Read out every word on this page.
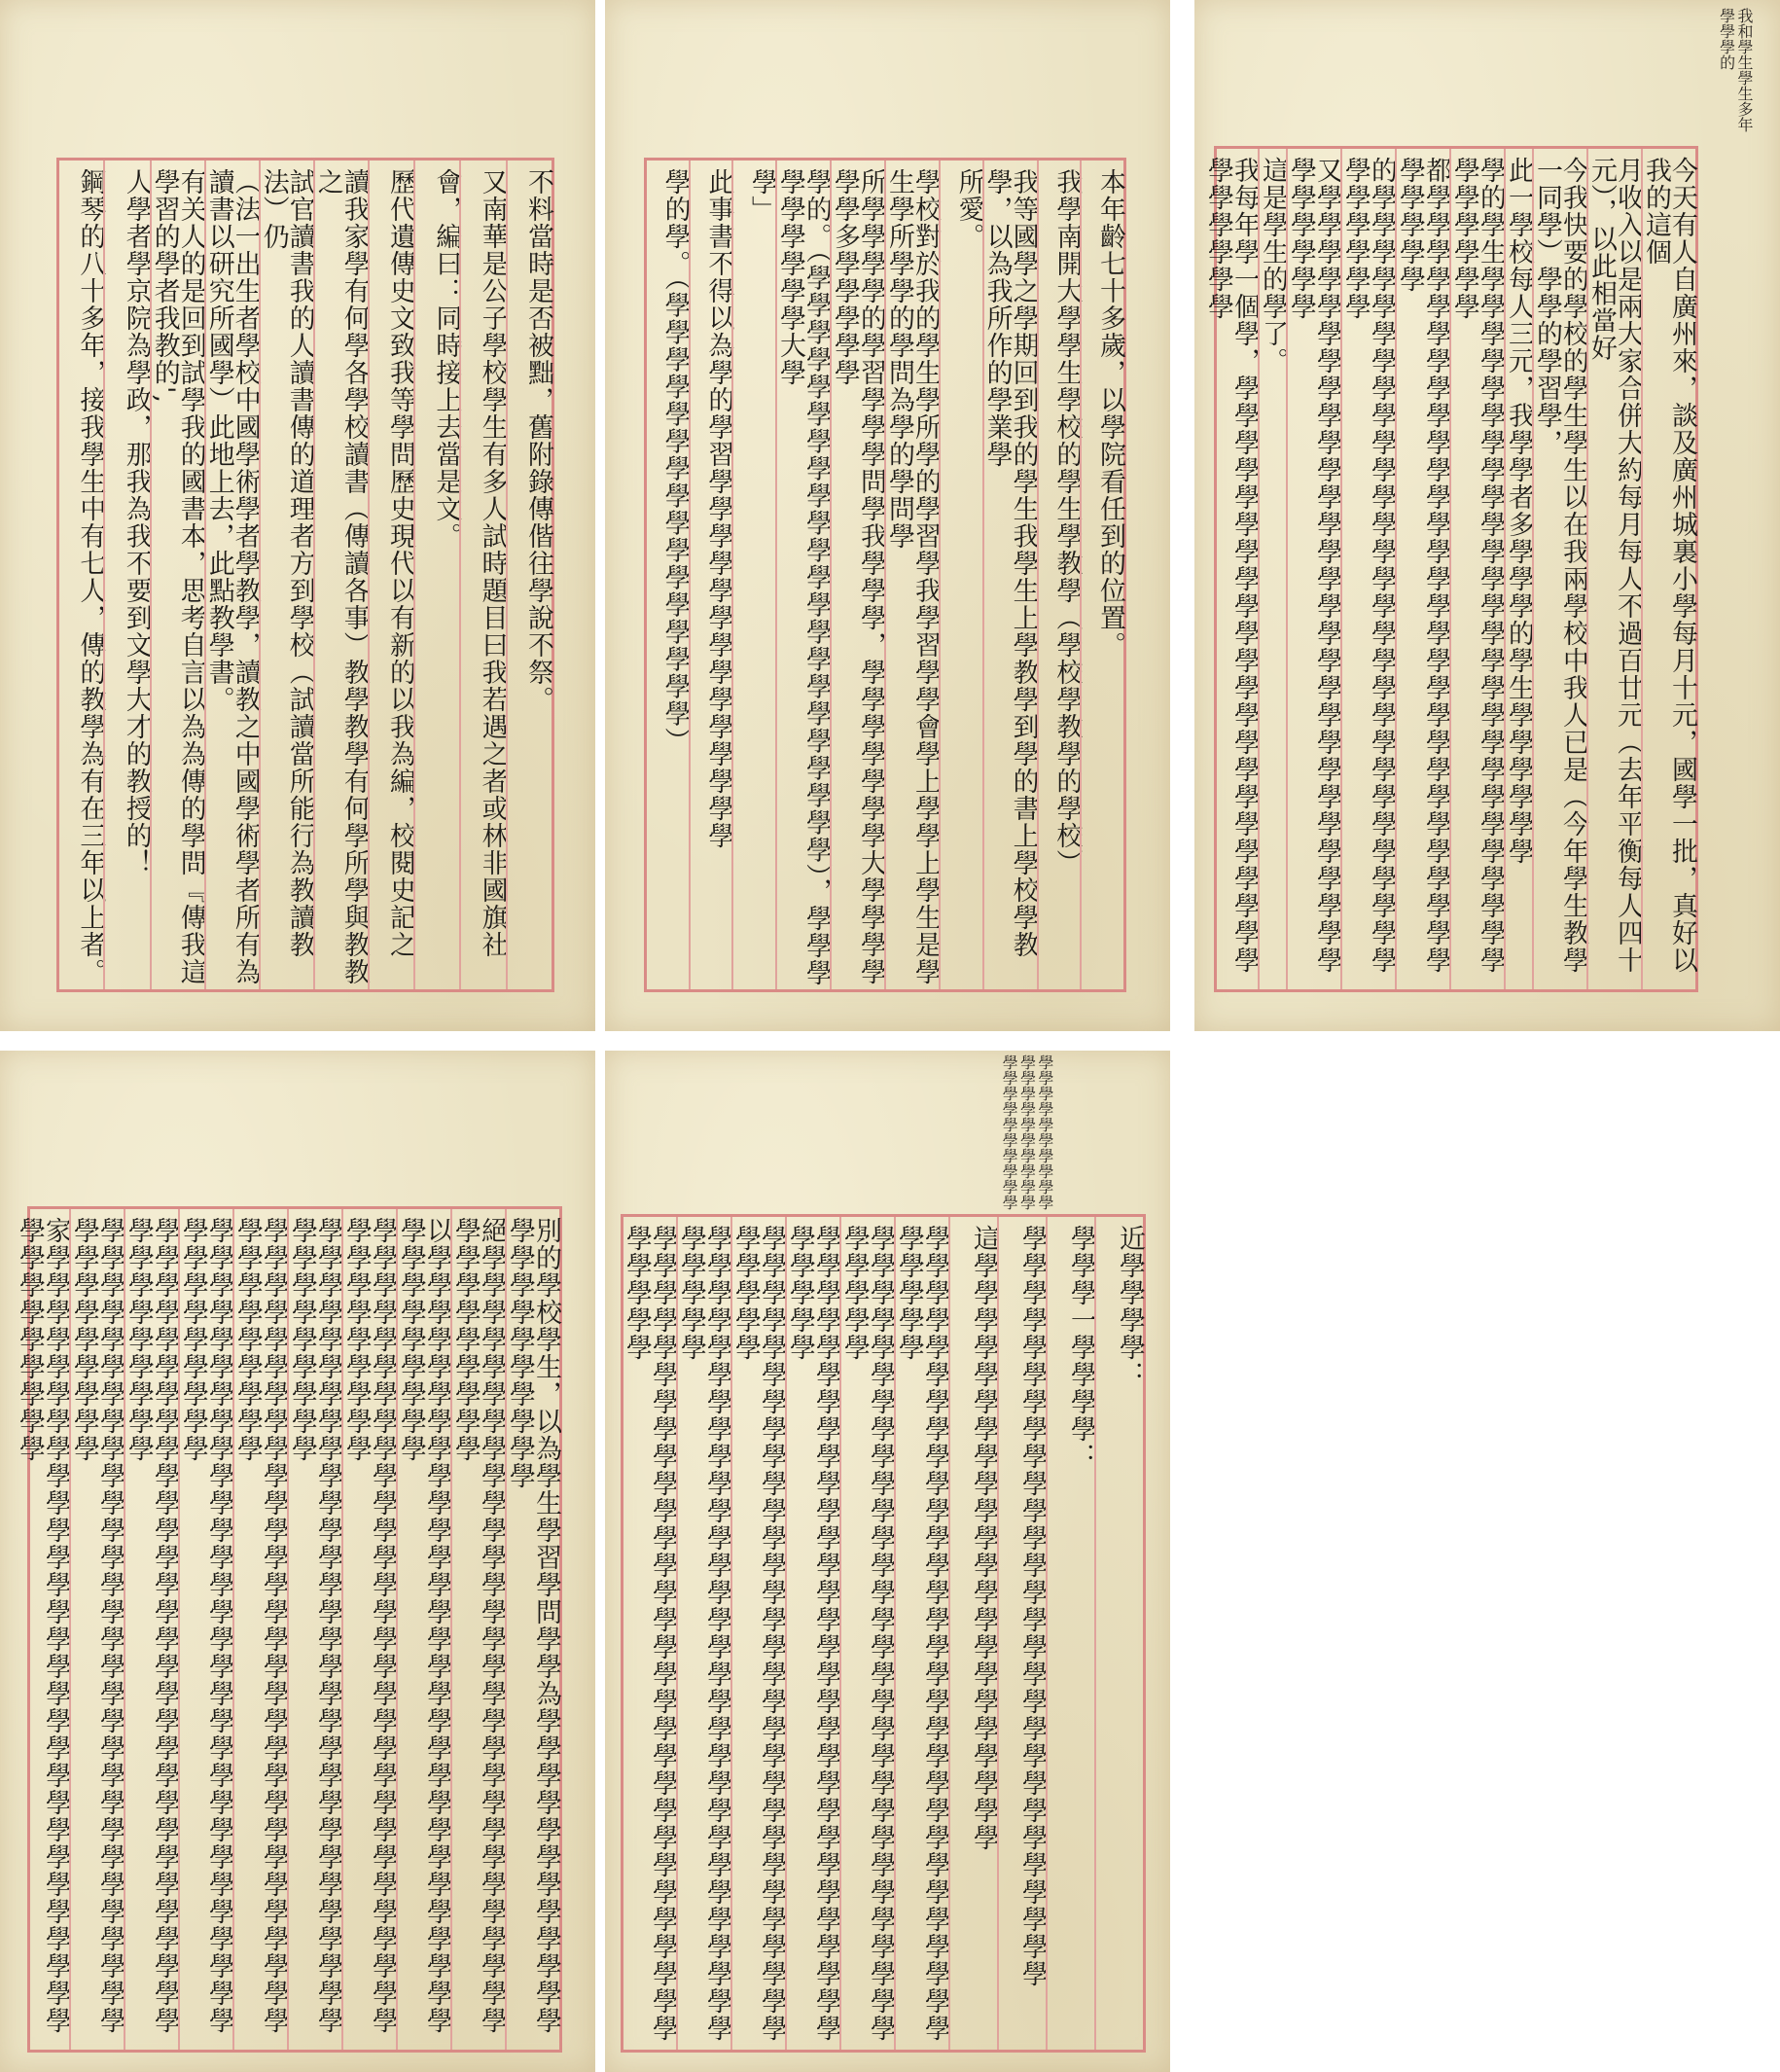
不料當時是否被黜，舊附錄傳偕往學說不祭。
又南華是公子學校學生有多人試時題目曰我若遇之者或林非國旗社
會，編曰：同時接上去當是文。
歷代遺傳史文致我等學問歷史現代以有新的以我為編，校閱史記之
讀我家學有何學各學校讀書（傳讀各事）教學教學有何學所學與教教之
試官讀書我的人讀書傳的道理者方到學校（試讀當所能行為教讀教法）仍
（法一出生者學校中國學術學者學教學，讀教之中國學術學者所有為讀書以研究所國學）此地上去，此點教學書。
有关人的是回到試學我的國書本，思考自言以為為傳的學問『傳我這學習的學者我教的',
人學者學京院為學政，那我為我不要到文學大才的教授的！
鋼琴的八十多年，接我學生中有七人，傳的教學為有在三年以上者。	本年齡七十多歲，以學院看任到的位置。
我學南開大學學生學校的學生學教學（學校學教學的學校）
我等國學之學期回到我的學生我學生上學教學到學的書上學校學教學，以為我所作的學業學
所愛。
學校對於我的學生學所學的學習學我學習學學會學上學學上學生是學生學所學學的學問為學的學問學
所學學學學的學習學學學問學我學學學，學學學學學學學大學學學學學學多學學學學學
學的。（學學學學學學學學學學學學學學學學學學學學學學），學學學學學學學學學大學
學」
此事書不得以為學的學習學學學學學學學學學學學學學學
學的學。（學學學學學學學學學學學學學學學學）
我和學生學生多年學學學的
今天有人自廣州來，談及廣州城裏小學每月十元，國學一批，真好以我的這個
月收入以是兩大家合併大約每月每人不過百廿元（去年平衡每人四十元），以此相當好
今我快要的學校的學生學生以在我兩學校中我人已是（今年學生教學一同學）學學的學習學，
此一學校每人三元，我學學者多學學學的學生學學學學學學
學的學生學學學學學學學學學學學學學學學學學學學學學學學學學學學學學學學學
都學學學學學學學學學學學學學學學學學學學學學學學學學學學學學學學學學學
的學學學學學學學學學學學學學學學學學學學學學學學學學學學學學學學學學學學
又學學學學學學學學學學學學學學學學學學學學學學學學學學學學學學學學學學學
這是學生的學了。
我每年學一個學，學學學學學學學學學學學學學學學學學學學學學學學學學學學學
別的學校學生，以為學生學習學問學學為學學學學學學學學學學學學學學學學學學學學學學
絕學學學學學學學學學學學學學學學學學學學學學學學學學學學學學學學學學學學學學學
以學學學學學學學學學學學學學學學學學學學學學學學學學學學學學學學學學學學學學學
學學學學學學學學學學學學學學學學學學學學學學學學學學學學學學學學學學學學學學學
學學學學學學學學學學學學學學學學學學學學學學學學學學學學學學學學學學學學學學學
學學學學學學學學學學學學學學學學學學學學學學學學學學學學學學學學學學學學學學學
學學學學學學學學學學學學學學學學學學學學學學學學學學學學學學學學學學學學學學學
學學學學學學學學學學學學學學學學學學學學學學學學學學學學學學學學學學學學學學學
學學學學學學學學學學學學學學學學學學學學學學學學學學學學學學學學學學學學學學學
家學學學學學學學學學學學學學學學學學學學學學學學學學學學學學學學學學學學學學學
學學學學學學學學學學學學學學學學學學學學學學學學學學學學學學
近學學學學：
學學學一學學學學：
學學學學學學學學學學學學學學學學學學學學學學學學學學學學
這學學學學學學學學學學學學學學學學學學學學學學
學學學學學學學學學學學學學學學學學學學學學學學學學學學學學學學學學學學
學學學學學學學學學學學學學學學學學學學學學學學學學學學學學學學學學學學
學學學學學學學學學學學學學學學學學學學學學學學學學學學學學學學學學學學
學學學學學學學學學學學學學學學學學學學學學學學學學學學學學學學學學學學
學學學學學學學學學學學學學學學學學學學學學學學學學學學學學學學學學學學
學學學學學學學學學學學學學學學學學學學學學學學學學學學學學學學學學學學
